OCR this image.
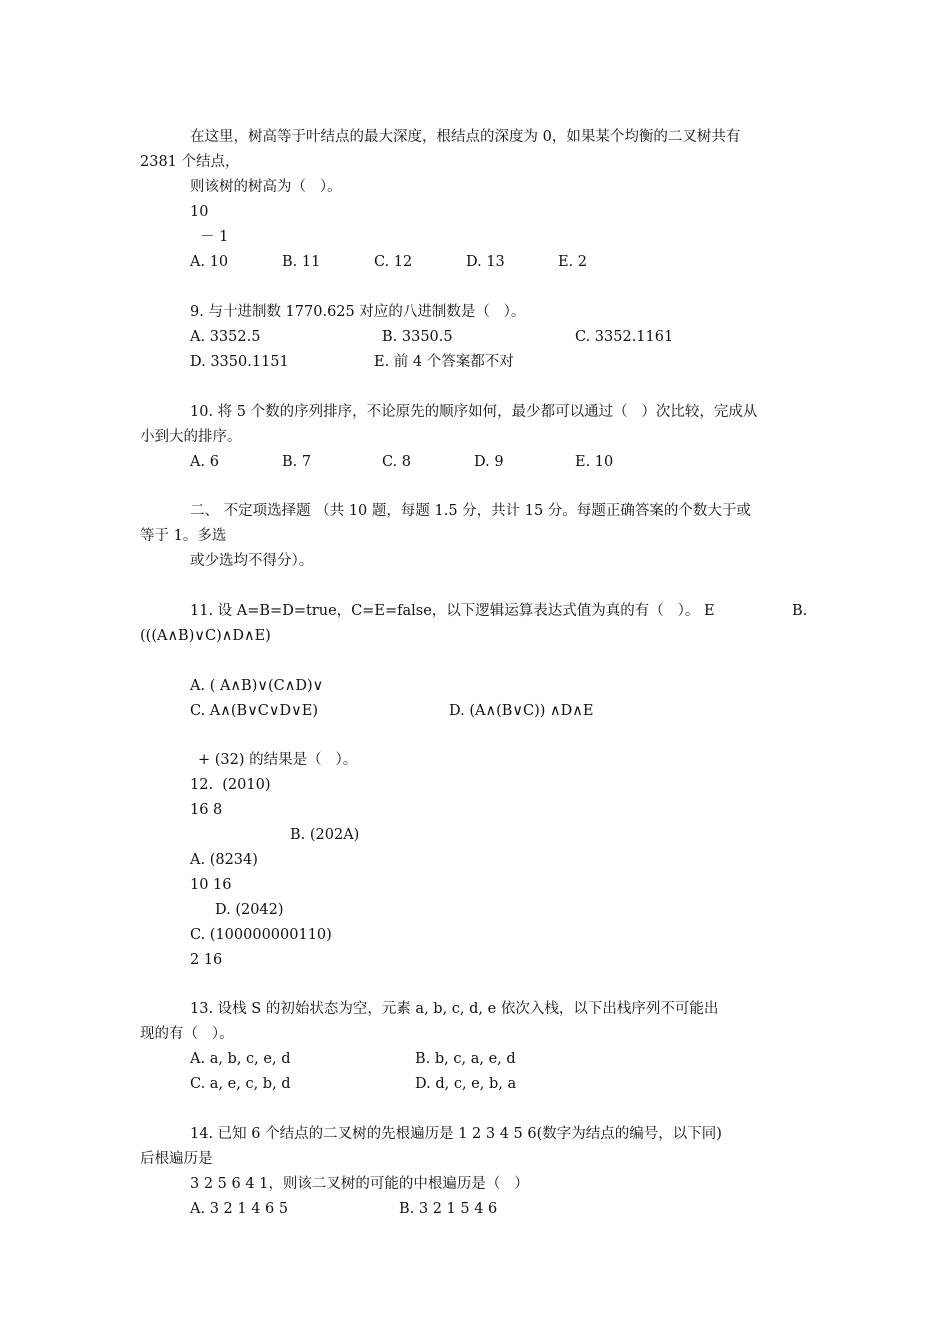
在这里，树高等于叶结点的最大深度，根结点的深度为 0，如果某个均衡的二叉树共有
2381 个结点，
则该树的树高为（   ）。
10
－ 1
A. 10	B. 11	C. 12	D. 13	E. 2
9. 与十进制数 1770.625 对应的八进制数是（   ）。
A. 3352.5	B. 3350.5	C. 3352.1161
D. 3350.1151	E. 前 4 个答案都不对
10. 将 5 个数的序列排序，不论原先的顺序如何，最少都可以通过（   ）次比较，完成从
小到大的排序。
A. 6	B. 7	C. 8	D. 9	E. 10
二、 不定项选择题 （共 10 题，每题 1.5 分，共计 15 分。每题正确答案的个数大于或
等于 1。多选
或少选均不得分）。
11. 设 A=B=D=true，C=E=false，以下逻辑运算表达式值为真的有（   ）。 E	B.
(((A∧B)∨C)∧D∧E)
A. ( A∧B)∨(C∧D)∨
C. A∧(B∨C∨D∨E)	D. (A∧(B∨C)) ∧D∧E
+ (32) 的结果是（   ）。
12.  (2010)
16 8
B. (202A)
A. (8234)
10 16
D. (2042)
C. (100000000110)
2 16
13. 设栈 S 的初始状态为空，元素 a, b, c, d, e 依次入栈，以下出栈序列不可能出
现的有（   ）。
A. a, b, c, e, d	B. b, c, a, e, d
C. a, e, c, b, d	D. d, c, e, b, a
14. 已知 6 个结点的二叉树的先根遍历是 1 2 3 4 5 6(数字为结点的编号，以下同)
后根遍历是
3 2 5 6 4 1，则该二叉树的可能的中根遍历是（   ）
A. 3 2 1 4 6 5	B. 3 2 1 5 4 6
